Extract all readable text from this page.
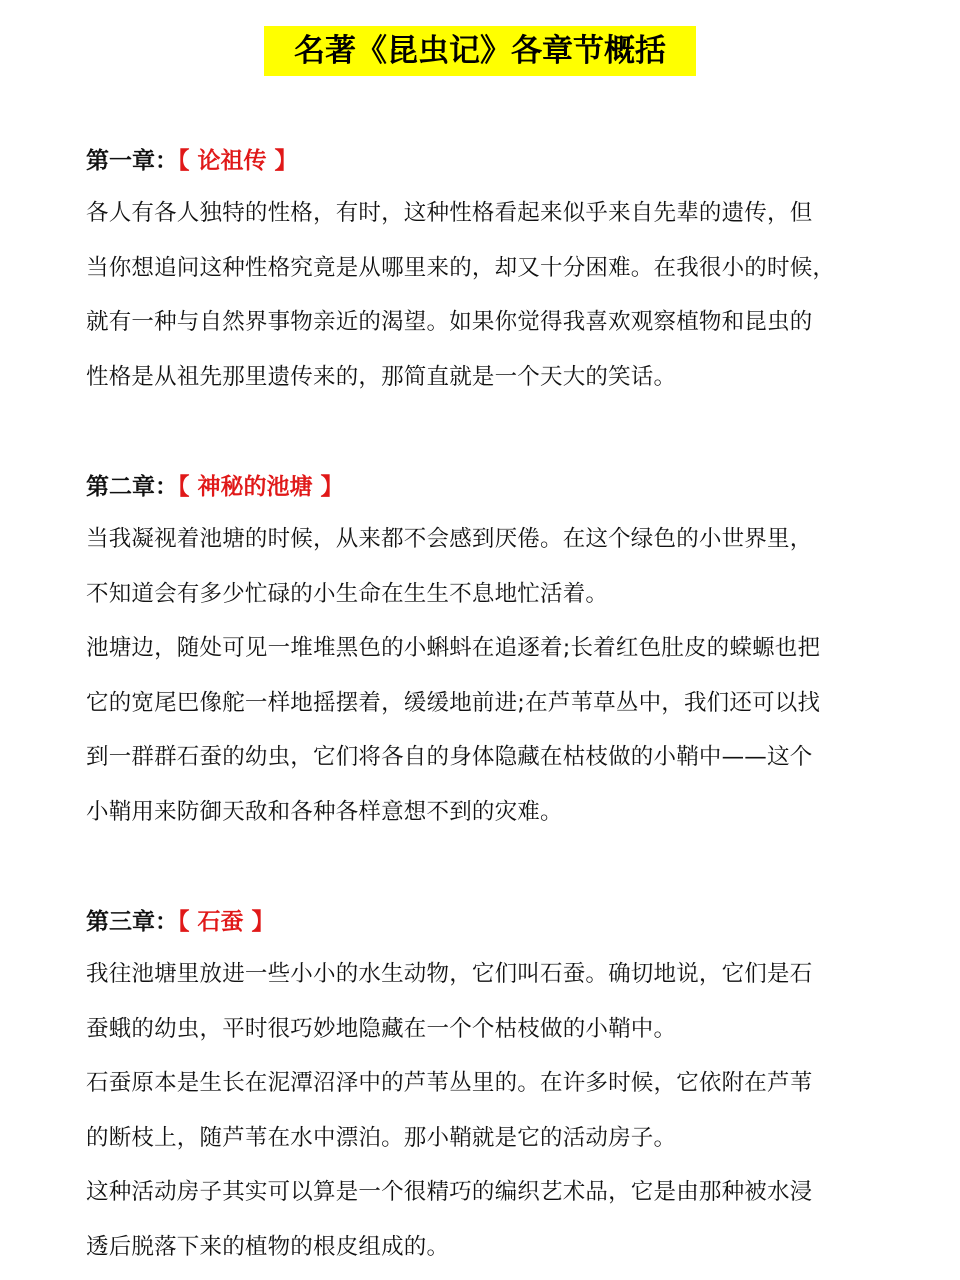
名著《昆虫记》各章节概括
第一章：【 论祖传 】

各人有各人独特的性格，有时，这种性格看起来似乎来自先辈的遗传，但

当你想追问这种性格究竟是从哪里来的，却又十分困难。在我很小的时候，

就有一种与自然界事物亲近的渴望。如果你觉得我喜欢观察植物和昆虫的

性格是从祖先那里遗传来的，那简直就是一个天大的笑话。

第二章：【 神秘的池塘 】

当我凝视着池塘的时候，从来都不会感到厌倦。在这个绿色的小世界里，

不知道会有多少忙碌的小生命在生生不息地忙活着。

池塘边，随处可见一堆堆黑色的小蝌蚪在追逐着;长着红色肚皮的蝾螈也把

它的宽尾巴像舵一样地摇摆着，缓缓地前进;在芦苇草丛中，我们还可以找

到一群群石蚕的幼虫，它们将各自的身体隐藏在枯枝做的小鞘中——这个

小鞘用来防御天敌和各种各样意想不到的灾难。

第三章：【 石蚕 】

我往池塘里放进一些小小的水生动物，它们叫石蚕。确切地说，它们是石

蚕蛾的幼虫，平时很巧妙地隐藏在一个个枯枝做的小鞘中。

石蚕原本是生长在泥潭沼泽中的芦苇丛里的。在许多时候，它依附在芦苇

的断枝上，随芦苇在水中漂泊。那小鞘就是它的活动房子。

这种活动房子其实可以算是一个很精巧的编织艺术品，它是由那种被水浸

透后脱落下来的植物的根皮组成的。
